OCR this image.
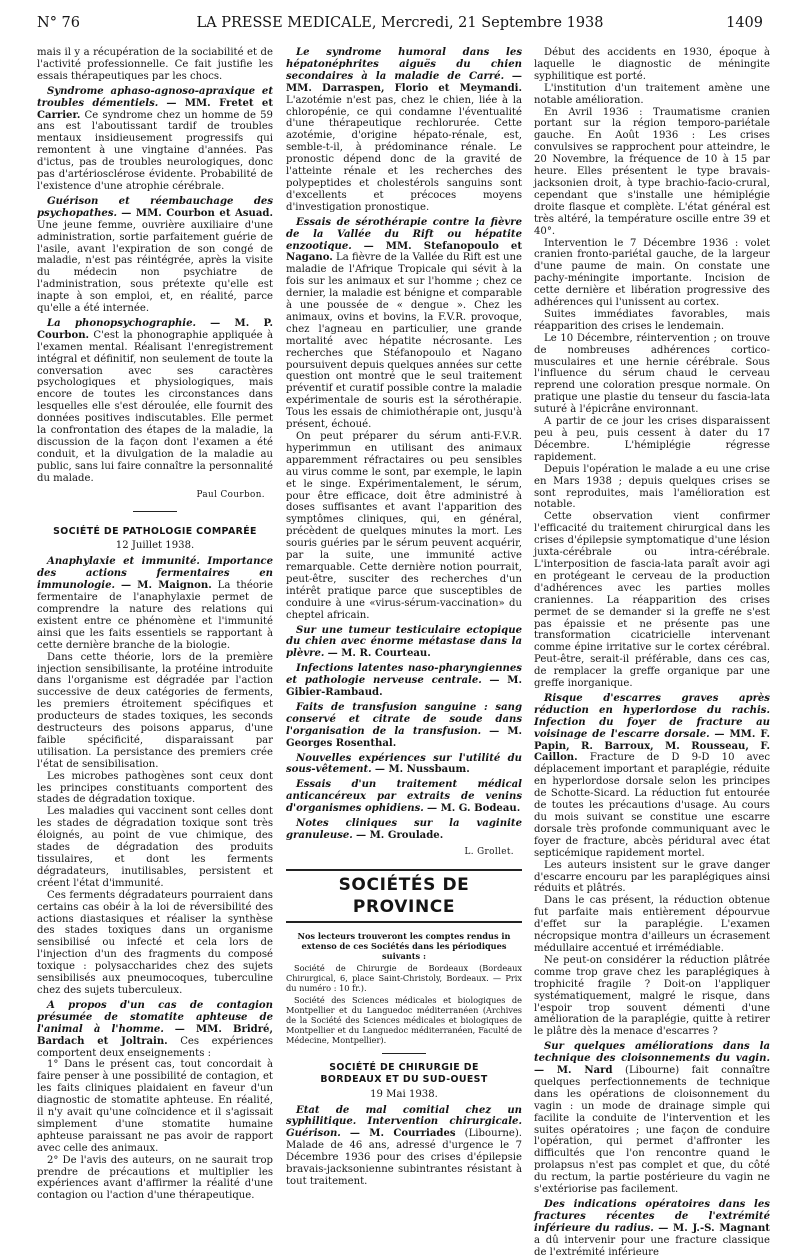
N° 76	LA PRESSE MEDICALE, Mercredi, 21 Septembre 1938	1409

mais il y a récupération de la sociabilité et de l'activité professionnelle. Ce fait justifie les essais thérapeutiques par les chocs.

Syndrome aphaso-agnoso-apraxique et troubles démentiels. — MM. Fretet et Carrier. Ce syndrome chez un homme de 59 ans est l'aboutissant tardif de troubles mentaux insidieusement progressifs qui remontent à une vingtaine d'années. Pas d'ictus, pas de troubles neurologiques, donc pas d'artériosclérose évidente. Probabilité de l'existence d'une atrophie cérébrale.

Guérison et réembauchage des psychopathes. — MM. Courbon et Asuad. Une jeune femme, ouvrière auxiliaire d'une administration, sortie parfaitement guérie de l'asile, avant l'expiration de son congé de maladie, n'est pas réintégrée, après la visite du médecin non psychiatre de l'administration, sous prétexte qu'elle est inapte à son emploi, et, en réalité, parce qu'elle a été internée.

La phonopsychographie. — M. P. Courbon. C'est la phonographie appliquée à l'examen mental. Réalisant l'enregistrement intégral et définitif, non seulement de toute la conversation avec ses caractères psychologiques et physiologiques, mais encore de toutes les circonstances dans lesquelles elle s'est déroulée, elle fournit des données positives indiscutables. Elle permet la confrontation des étapes de la maladie, la discussion de la façon dont l'examen a été conduit, et la divulgation de la maladie au public, sans lui faire connaître la personnalité du malade.

Paul Courbon.

SOCIÉTÉ DE PATHOLOGIE COMPARÉE

12 Juillet 1938.

Anaphylaxie et immunité. Importance des actions fermentaires en immunologie. — M. Maignon. La théorie fermentaire de l'anaphylaxie permet de comprendre la nature des relations qui existent entre ce phénomène et l'immunité ainsi que les faits essentiels se rapportant à cette dernière branche de la biologie.

Dans cette théorie, lors de la première injection sensibilisante, la protéine introduite dans l'organisme est dégradée par l'action successive de deux catégories de ferments, les premiers étroitement spécifiques et producteurs de stades toxiques, les seconds destructeurs des poisons apparus, d'une faible spécificité, disparaissant par utilisation. La persistance des premiers crée l'état de sensibilisation.

Les microbes pathogènes sont ceux dont les principes constituants comportent des stades de dégradation toxique.

Les maladies qui vaccinent sont celles dont les stades de dégradation toxique sont très éloignés, au point de vue chimique, des stades de dégradation des produits tissulaires, et dont les ferments dégradateurs, inutilisables, persistent et créent l'état d'immunité.

Ces ferments dégradateurs pourraient dans certains cas obéir à la loi de réversibilité des actions diastasiques et réaliser la synthèse des stades toxiques dans un organisme sensibilisé ou infecté et cela lors de l'injection d'un des fragments du composé toxique : polysaccharides chez des sujets sensibilisés aux pneumocoques, tuberculine chez des sujets tuberculeux.

A propos d'un cas de contagion présumée de stomatite aphteuse de l'animal à l'homme. — MM. Bridré, Bardach et Joltrain. Ces expériences comportent deux enseignements :

1° Dans le présent cas, tout concordait à faire penser à une possibilité de contagion, et les faits cliniques plaidaient en faveur d'un diagnostic de stomatite aphteuse. En réalité, il n'y avait qu'une coïncidence et il s'agissait simplement d'une stomatite humaine aphteuse paraissant ne pas avoir de rapport avec celle des animaux.

2° De l'avis des auteurs, on ne saurait trop prendre de précautions et multiplier les expériences avant d'affirmer la réalité d'une contagion ou l'action d'une thérapeutique.

Le syndrome humoral dans les hépatonéphrites aiguës du chien secondaires à la maladie de Carré. — MM. Darraspen, Florio et Meymandi. L'azotémie n'est pas, chez le chien, liée à la chloropénie, ce qui condamne l'éventualité d'une thérapeutique rechlorurée. Cette azotémie, d'origine hépato-rénale, est, semble-t-il, à prédominance rénale. Le pronostic dépend donc de la gravité de l'atteinte rénale et les recherches des polypeptides et cholestérols sanguins sont d'excellents et précoces moyens d'investigation pronostique.

Essais de sérothérapie contre la fièvre de la Vallée du Rift ou hépatite enzootique. — MM. Stefanopoulo et Nagano. La fièvre de la Vallée du Rift est une maladie de l'Afrique Tropicale qui sévit à la fois sur les animaux et sur l'homme ; chez ce dernier, la maladie est bénigne et comparable à une poussée de « dengue ». Chez les animaux, ovins et bovins, la F.V.R. provoque, chez l'agneau en particulier, une grande mortalité avec hépatite nécrosante. Les recherches que Stéfanopoulo et Nagano poursuivent depuis quelques années sur cette question ont montré que le seul traitement préventif et curatif possible contre la maladie expérimentale de souris est la sérothérapie. Tous les essais de chimiothérapie ont, jusqu'à présent, échoué.

On peut préparer du sérum anti-F.V.R. hyperimmun en utilisant des animaux apparemment réfractaires ou peu sensibles au virus comme le sont, par exemple, le lapin et le singe. Expérimentalement, le sérum, pour être efficace, doit être administré à doses suffisantes et avant l'apparition des symptômes cliniques, qui, en général, précèdent de quelques minutes la mort. Les souris guéries par le sérum peuvent acquérir, par la suite, une immunité active remarquable. Cette dernière notion pourrait, peut-être, susciter des recherches d'un intérêt pratique parce que susceptibles de conduire à une «virus-sérum-vaccination» du cheptel africain.

Sur une tumeur testiculaire ectopique du chien avec énorme métastase dans la plèvre. — M. R. Courteau.

Infections latentes naso-pharyngiennes et pathologie nerveuse centrale. — M. Gibier-Rambaud.

Faits de transfusion sanguine : sang conservé et citrate de soude dans l'organisation de la transfusion. — M. Georges Rosenthal.

Nouvelles expériences sur l'utilité du sous-vêtement. — M. Nussbaum.

Essais d'un traitement médical anticancéreux par extraits de venins d'organismes ophidiens. — M. G. Bodeau.

Notes cliniques sur la vaginite granuleuse. — M. Groulade.

L. Grollet.

SOCIÉTÉS DE PROVINCE

Nos lecteurs trouveront les comptes rendus in extenso de ces Sociétés dans les périodiques suivants :

Société de Chirurgie de Bordeaux (Bordeaux Chirurgical, 6, place Saint-Christoly, Bordeaux. — Prix du numéro : 10 fr.).

Société des Sciences médicales et biologiques de Montpellier et du Languedoc méditerranéen (Archives de la Société des Sciences médicales et biologiques de Montpellier et du Languedoc méditerranéen, Faculté de Médecine, Montpellier).

SOCIÉTÉ DE CHIRURGIE DE BORDEAUX ET DU SUD-OUEST

19 Mai 1938.

Etat de mal comitial chez un syphilitique. Intervention chirurgicale. Guérison. — M. Courriades (Libourne). Malade de 46 ans, adressé d'urgence le 7 Décembre 1936 pour des crises d'épilepsie bravais-jacksonienne subintrantes résistant à tout traitement.

Début des accidents en 1930, époque à laquelle le diagnostic de méningite syphilitique est porté.

L'institution d'un traitement amène une notable amélioration.

En Avril 1936 : Traumatisme cranien portant sur la région temporo-pariétale gauche. En Août 1936 : Les crises convulsives se rapprochent pour atteindre, le 20 Novembre, la fréquence de 10 à 15 par heure. Elles présentent le type bravais-jacksonien droit, à type brachio-facio-crural, cependant que s'installe une hémiplégie droite flasque et complète. L'état général est très altéré, la température oscille entre 39 et 40°.

Intervention le 7 Décembre 1936 : volet cranien fronto-pariétal gauche, de la largeur d'une paume de main. On constate une pachy-méningite importante. Incision de cette dernière et libération progressive des adhérences qui l'unissent au cortex.

Suites immédiates favorables, mais réapparition des crises le lendemain.

Le 10 Décembre, réintervention ; on trouve de nombreuses adhérences cortico-musculaires et une hernie cérébrale. Sous l'influence du sérum chaud le cerveau reprend une coloration presque normale. On pratique une plastie du tenseur du fascia-lata suturé à l'épicrâne environnant.

A partir de ce jour les crises disparaissent peu à peu, puis cessent à dater du 17 Décembre. L'hémiplégie régresse rapidement.

Depuis l'opération le malade a eu une crise en Mars 1938 ; depuis quelques crises se sont reproduites, mais l'amélioration est notable.

Cette observation vient confirmer l'efficacité du traitement chirurgical dans les crises d'épilepsie symptomatique d'une lésion juxta-cérébrale ou intra-cérébrale. L'interposition de fascia-lata paraît avoir agi en protégeant le cerveau de la production d'adhérences avec les parties molles craniennes. La réapparition des crises permet de se demander si la greffe ne s'est pas épaissie et ne présente pas une transformation cicatricielle intervenant comme épine irritative sur le cortex cérébral. Peut-être, serait-il préférable, dans ces cas, de remplacer la greffe organique par une greffe inorganique.

Risque d'escarres graves après réduction en hyperlordose du rachis. Infection du foyer de fracture au voisinage de l'escarre dorsale. — MM. F. Papin, R. Barroux, M. Rousseau, F. Caillon. Fracture de D 9-D 10 avec déplacement important et paraplégie, réduite en hyperlordose dorsale selon les principes de Schotte-Sicard. La réduction fut entourée de toutes les précautions d'usage. Au cours du mois suivant se constitue une escarre dorsale très profonde communiquant avec le foyer de fracture, abcès péridural avec état septicémique rapidement mortel.

Les auteurs insistent sur le grave danger d'escarre encouru par les paraplégiques ainsi réduits et plâtrés.

Dans le cas présent, la réduction obtenue fut parfaite mais entièrement dépourvue d'effet sur la paraplégie. L'examen nécropsique montra d'ailleurs un écrasement médullaire accentué et irrémédiable.

Ne peut-on considérer la réduction plâtrée comme trop grave chez les paraplégiques à trophicité fragile ? Doit-on l'appliquer systématiquement, malgré le risque, dans l'espoir trop souvent démenti d'une amélioration de la paraplégie, quitte à retirer le plâtre dès la menace d'escarres ?

Sur quelques améliorations dans la technique des cloisonnements du vagin. — M. Nard (Libourne) fait connaître quelques perfectionnements de technique dans les opérations de cloisonnement du vagin : un mode de drainage simple qui facilite la conduite de l'intervention et les suites opératoires ; une façon de conduire l'opération, qui permet d'affronter les difficultés que l'on rencontre quand le prolapsus n'est pas complet et que, du côté du rectum, la partie postérieure du vagin ne s'extériorise pas facilement.

Des indications opératoires dans les fractures récentes de l'extrémité inférieure du radius. — M. J.-S. Magnant a dû intervenir pour une fracture classique de l'extrémité inférieure
